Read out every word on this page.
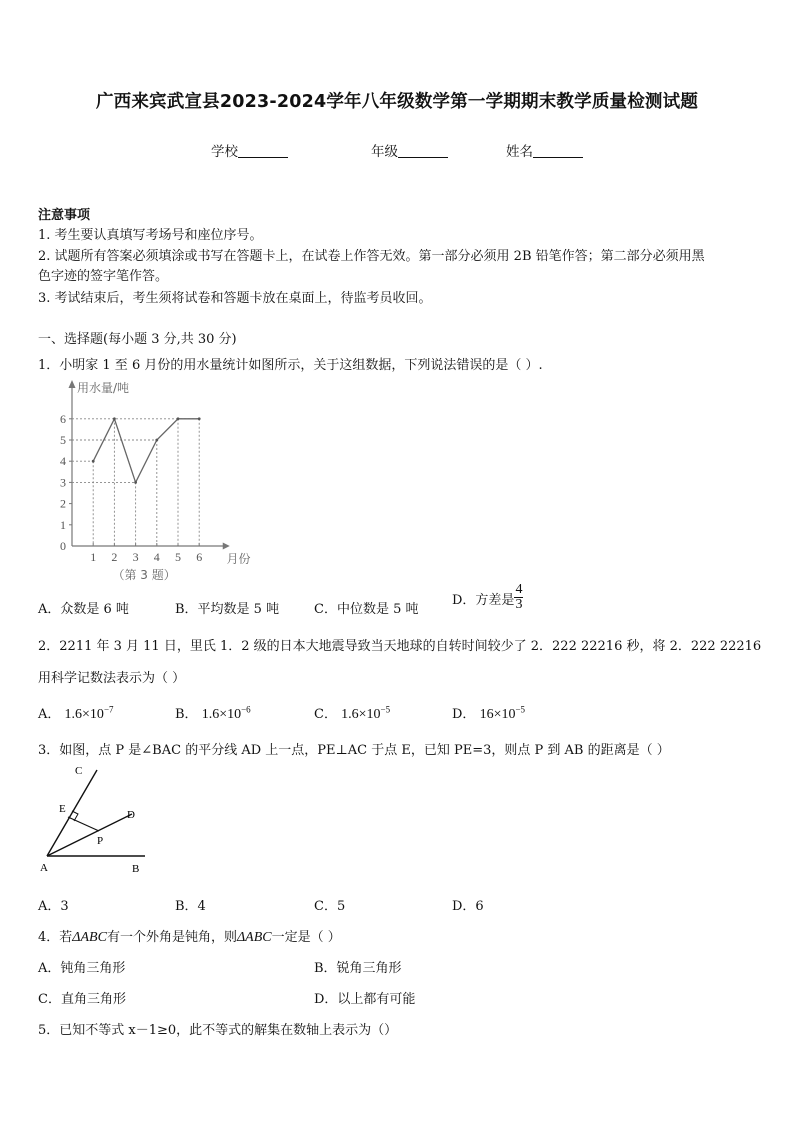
广西来宾武宣县2023-2024学年八年级数学第一学期期末教学质量检测试题
学校	年级	姓名
注意事项
1. 考生要认真填写考场号和座位序号。
2. 试题所有答案必须填涂或书写在答题卡上，在试卷上作答无效。第一部分必须用 2B 铅笔作答；第二部分必须用黑
色字迹的签字笔作答。
3. 考试结束后，考生须将试卷和答题卡放在桌面上，待监考员收回。
一、选择题(每小题 3 分,共 30 分)
1．小明家 1 至 6 月份的用水量统计如图所示，关于这组数据，下列说法错误的是（ ）.
0
1
2
3
4
5
6
1 2 3 4 5 6
用水量/吨
月份
（第 3 题）
A．众数是 6 吨	B．平均数是 5 吨	C．中位数是 5 吨
D．方差是 $\frac{4}{3}$
2．2211 年 3 月 11 日，里氏 1．2 级的日本大地震导致当天地球的自转时间较少了 2．222 22216 秒，将 2．222 22216
用科学记数法表示为（ ）
A． $1.6\times 10^{-7}$	B． $1.6\times 10^{-6}$	C． $1.6\times 10^{-5}$	D． $16\times 10^{-5}$
3．如图，点 P 是∠BAC 的平分线 AD 上一点，PE⊥AC 于点 E，已知 PE=3，则点 P 到 AB 的距离是（ ）
C
E	D
P
A	B
A．3	B．4	C．5	D．6
4．若ΔABC有一个外角是钝角，则ΔABC一定是（ ）
A．钝角三角形	B．锐角三角形
C．直角三角形	D．以上都有可能
5．已知不等式 x－1≥0，此不等式的解集在数轴上表示为（）
